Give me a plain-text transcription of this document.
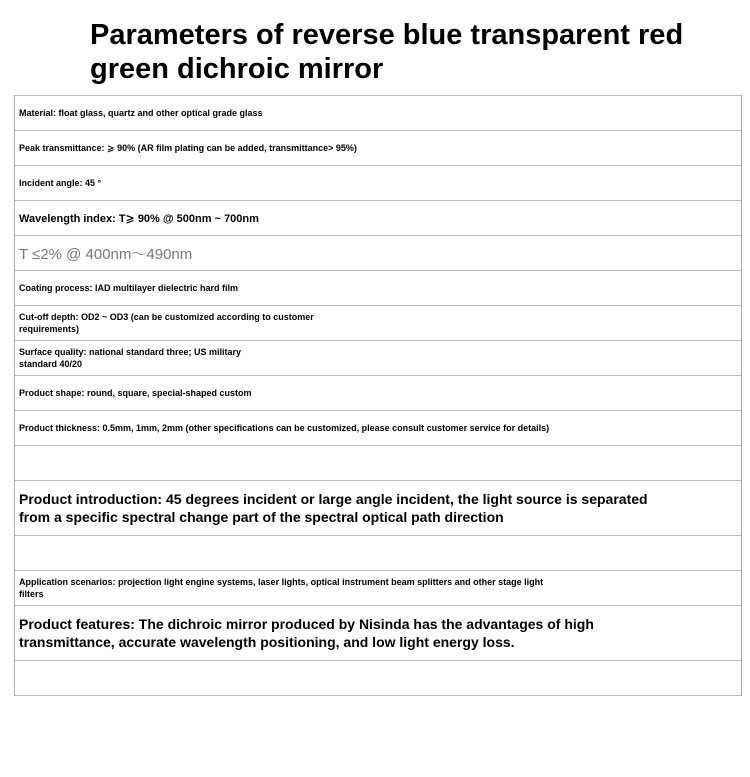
Parameters of reverse blue transparent red green dichroic mirror
Material: float glass, quartz and other optical grade glass
Peak transmittance: ⩾ 90% (AR film plating can be added, transmittance> 95%)
Incident angle: 45 °
Wavelength index: T⩾ 90% @ 500nm ~ 700nm
T ≤2% @ 400nm～490nm
Coating process: IAD multilayer dielectric hard film
Cut-off depth: OD2 ~ OD3 (can be customized according to customer requirements)
Surface quality: national standard three; US military standard 40/20
Product shape: round, square, special-shaped custom
Product thickness: 0.5mm, 1mm, 2mm (other specifications can be customized, please consult customer service for details)
Product introduction: 45 degrees incident or large angle incident, the light source is separated from a specific spectral change part of the spectral optical path direction
Application scenarios: projection light engine systems, laser lights, optical instrument beam splitters and other stage light filters
Product features: The dichroic mirror produced by Nisinda has the advantages of high transmittance, accurate wavelength positioning, and low light energy loss.
